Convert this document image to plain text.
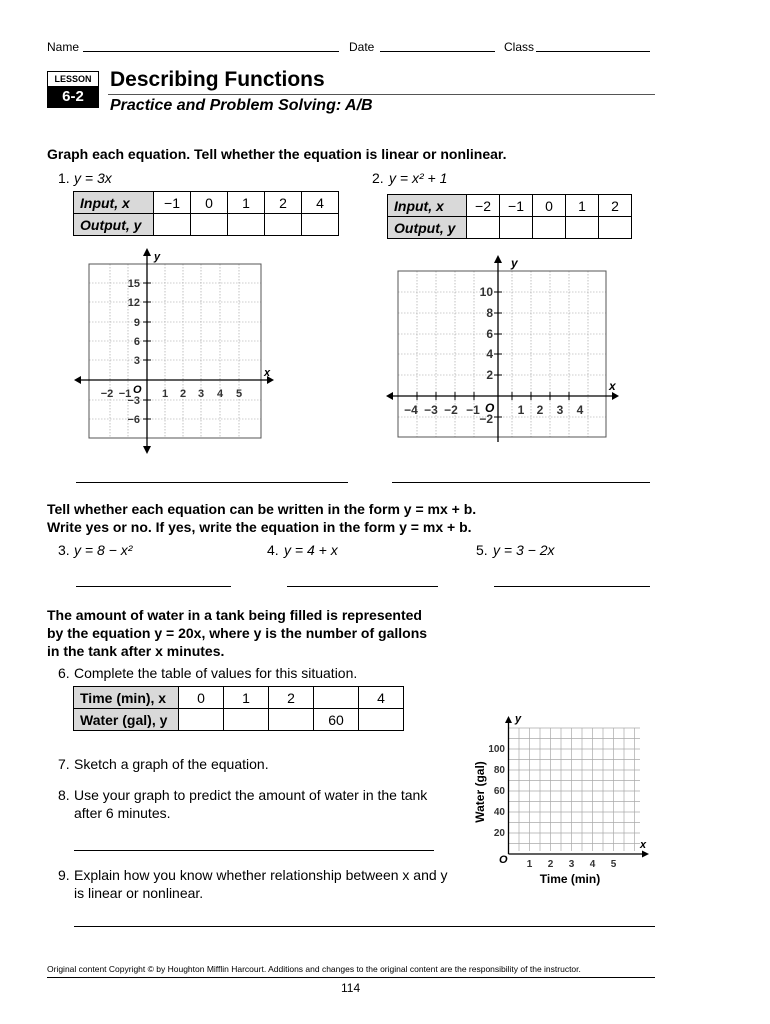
Name	Date	Class
LESSON
6-2
Describing Functions
Practice and Problem Solving: A/B
Graph each equation. Tell whether the equation is linear or nonlinear.
1. y = 3x	2. y = x² + 1
Input, x	−1	0	1	2	4
Output, y					
Input, x	−2	−1	0	1	2
Output, y					
y
x
O
15
12
9
6
3
−3
−6
−2 −1	1 2 3 4 5
y
x
O
10
8
6
4
2
−2
−4 −3 −2 −1	1 2 3 4
Tell whether each equation can be written in the form y = mx + b.
Write yes or no. If yes, write the equation in the form y = mx + b.
3. y = 8 − x²	4. y = 4 + x	5. y = 3 − 2x
The amount of water in a tank being filled is represented
by the equation y = 20x, where y is the number of gallons
in the tank after x minutes.
6. Complete the table of values for this situation.
Time (min), x	0	1	2		4
Water (gal), y				60	
7. Sketch a graph of the equation.
8. Use your graph to predict the amount of water in the tank
after 6 minutes.
9. Explain how you know whether relationship between x and y
is linear or nonlinear.
y
x
O
100
80
60
40
20
1 2 3 4 5
Time (min)
Water (gal)
Original content Copyright © by Houghton Mifflin Harcourt. Additions and changes to the original content are the responsibility of the instructor.
114
